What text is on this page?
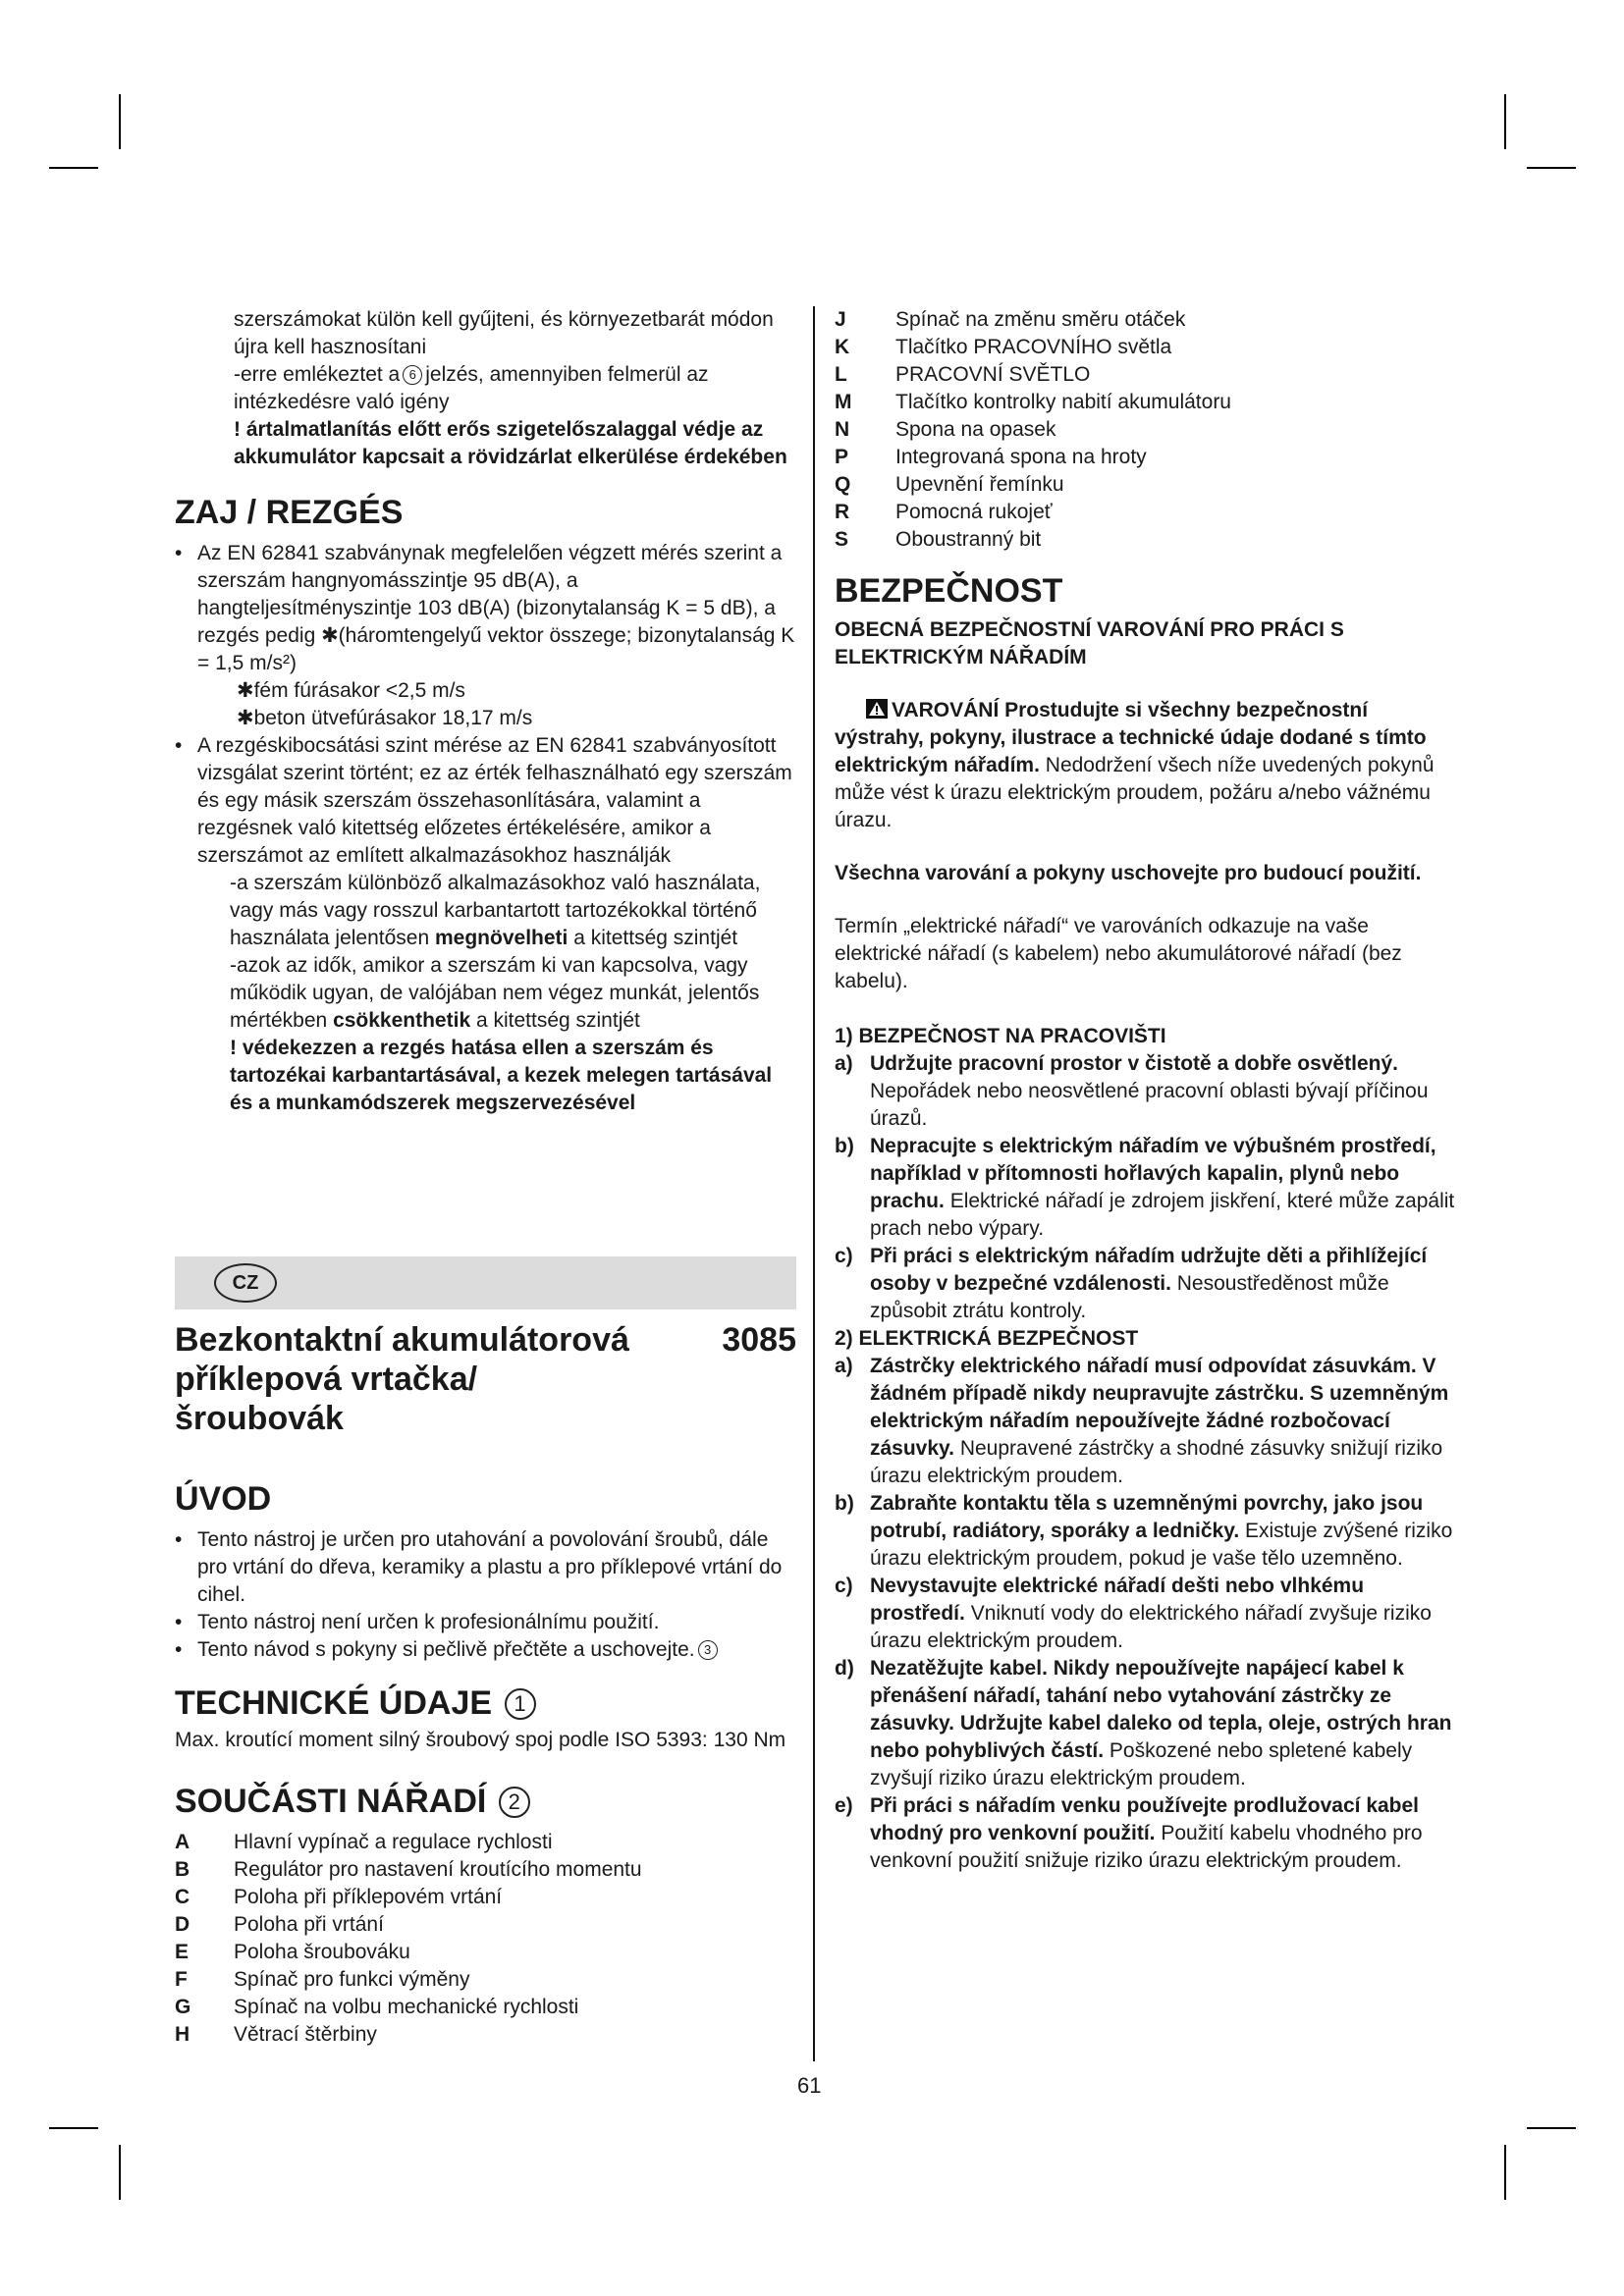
szerszámokat külön kell gyűjteni, és környezetbarát módon újra kell hasznosítani

-erre emlékeztet a 6 jelzés, amennyiben felmerül az intézkedésre való igény

! ártalmatlanítás előtt erős szigetelőszalaggal védje az akkumulátor kapcsait a rövidzárlat elkerülése érdekében

ZAJ / REZGÉS
• Az EN 62841 szabványnak megfelelően végzett mérés szerint a szerszám hangnyomásszintje 95 dB(A), a hangteljesítményszintje 103 dB(A) (bizonytalanság K = 5 dB), a rezgés pedig ✱(háromtengelyű vektor összege; bizonytalanság K = 1,5 m/s²)

✱fém fúrásakor <2,5 m/s

✱beton ütvefúrásakor 18,17 m/s

• A rezgéskibocsátási szint mérése az EN 62841 szabványosított vizsgálat szerint történt; ez az érték felhasználható egy szerszám és egy másik szerszám összehasonlítására, valamint a rezgésnek való kitettség előzetes értékelésére, amikor a szerszámot az említett alkalmazásokhoz használják

-a szerszám különböző alkalmazásokhoz való használata, vagy más vagy rosszul karbantartott tartozékokkal történő használata jelentősen megnövelheti a kitettség szintjét

-azok az idők, amikor a szerszám ki van kapcsolva, vagy működik ugyan, de valójában nem végez munkát, jelentős mértékben csökkenthetik a kitettség szintjét

! védekezzen a rezgés hatása ellen a szerszám és tartozékai karbantartásával, a kezek melegen tartásával és a munkamódszerek megszervezésével

CZ
Bezkontaktní akumulátorová příklepová vrtačka/šroubovák
3085
ÚVOD
• Tento nástroj je určen pro utahování a povolování šroubů, dále pro vrtání do dřeva, keramiky a plastu a pro příklepové vrtání do cihel.
• Tento nástroj není určen k profesionálnímu použití.
• Tento návod s pokyny si pečlivě přečtěte a uschovejte. 3
TECHNICKÉ ÚDAJE 1

Max. kroutící moment silný šroubový spoj podle ISO 5393: 130 Nm

SOUČÁSTI NÁŘADÍ 2
A	Hlavní vypínač a regulace rychlosti
B	Regulátor pro nastavení kroutícího momentu
C	Poloha při příklepovém vrtání
D	Poloha při vrtání
E	Poloha šroubováku
F	Spínač pro funkci výměny
G	Spínač na volbu mechanické rychlosti
H	Větrací štěrbiny
J	Spínač na změnu směru otáček
K	Tlačítko PRACOVNÍHO světla
L	PRACOVNÍ SVĚTLO
M	Tlačítko kontrolky nabití akumulátoru
N	Spona na opasek
P	Integrovaná spona na hroty
Q	Upevnění řemínku
R	Pomocná rukojeť
S	Oboustranný bit
BEZPEČNOST

OBECNÁ BEZPEČNOSTNÍ VAROVÁNÍ PRO PRÁCI S ELEKTRICKÝM NÁŘADÍM

VAROVÁNÍ Prostudujte si všechny bezpečnostní výstrahy, pokyny, ilustrace a technické údaje dodané s tímto elektrickým nářadím. Nedodržení všech níže uvedených pokynů může vést k úrazu elektrickým proudem, požáru a/nebo vážnému úrazu.

Všechna varování a pokyny uschovejte pro budoucí použití.

Termín „elektrické nářadí“ ve varováních odkazuje na vaše elektrické nářadí (s kabelem) nebo akumulátorové nářadí (bez kabelu).

1) BEZPEČNOST NA PRACOVIŠTI

a) Udržujte pracovní prostor v čistotě a dobře osvětlený. Nepořádek nebo neosvětlené pracovní oblasti bývají příčinou úrazů.
b) Nepracujte s elektrickým nářadím ve výbušném prostředí, například v přítomnosti hořlavých kapalin, plynů nebo prachu. Elektrické nářadí je zdrojem jiskření, které může zapálit prach nebo výpary.
c) Při práci s elektrickým nářadím udržujte děti a přihlížející osoby v bezpečné vzdálenosti. Nesoustředěnost může způsobit ztrátu kontroly.

2) ELEKTRICKÁ BEZPEČNOST

a) Zástrčky elektrického nářadí musí odpovídat zásuvkám. V žádném případě nikdy neupravujte zástrčku. S uzemněným elektrickým nářadím nepoužívejte žádné rozbočovací zásuvky. Neupravené zástrčky a shodné zásuvky snižují riziko úrazu elektrickým proudem.
b) Zabraňte kontaktu těla s uzemněnými povrchy, jako jsou potrubí, radiátory, sporáky a ledničky. Existuje zvýšené riziko úrazu elektrickým proudem, pokud je vaše tělo uzemněno.
c) Nevystavujte elektrické nářadí dešti nebo vlhkému prostředí. Vniknutí vody do elektrického nářadí zvyšuje riziko úrazu elektrickým proudem.
d) Nezatěžujte kabel. Nikdy nepoužívejte napájecí kabel k přenášení nářadí, tahání nebo vytahování zástrčky ze zásuvky. Udržujte kabel daleko od tepla, oleje, ostrých hran nebo pohyblivých částí. Poškozené nebo spletené kabely zvyšují riziko úrazu elektrickým proudem.
e) Při práci s nářadím venku používejte prodlužovací kabel vhodný pro venkovní použití. Použití kabelu vhodného pro venkovní použití snižuje riziko úrazu elektrickým proudem.
61
